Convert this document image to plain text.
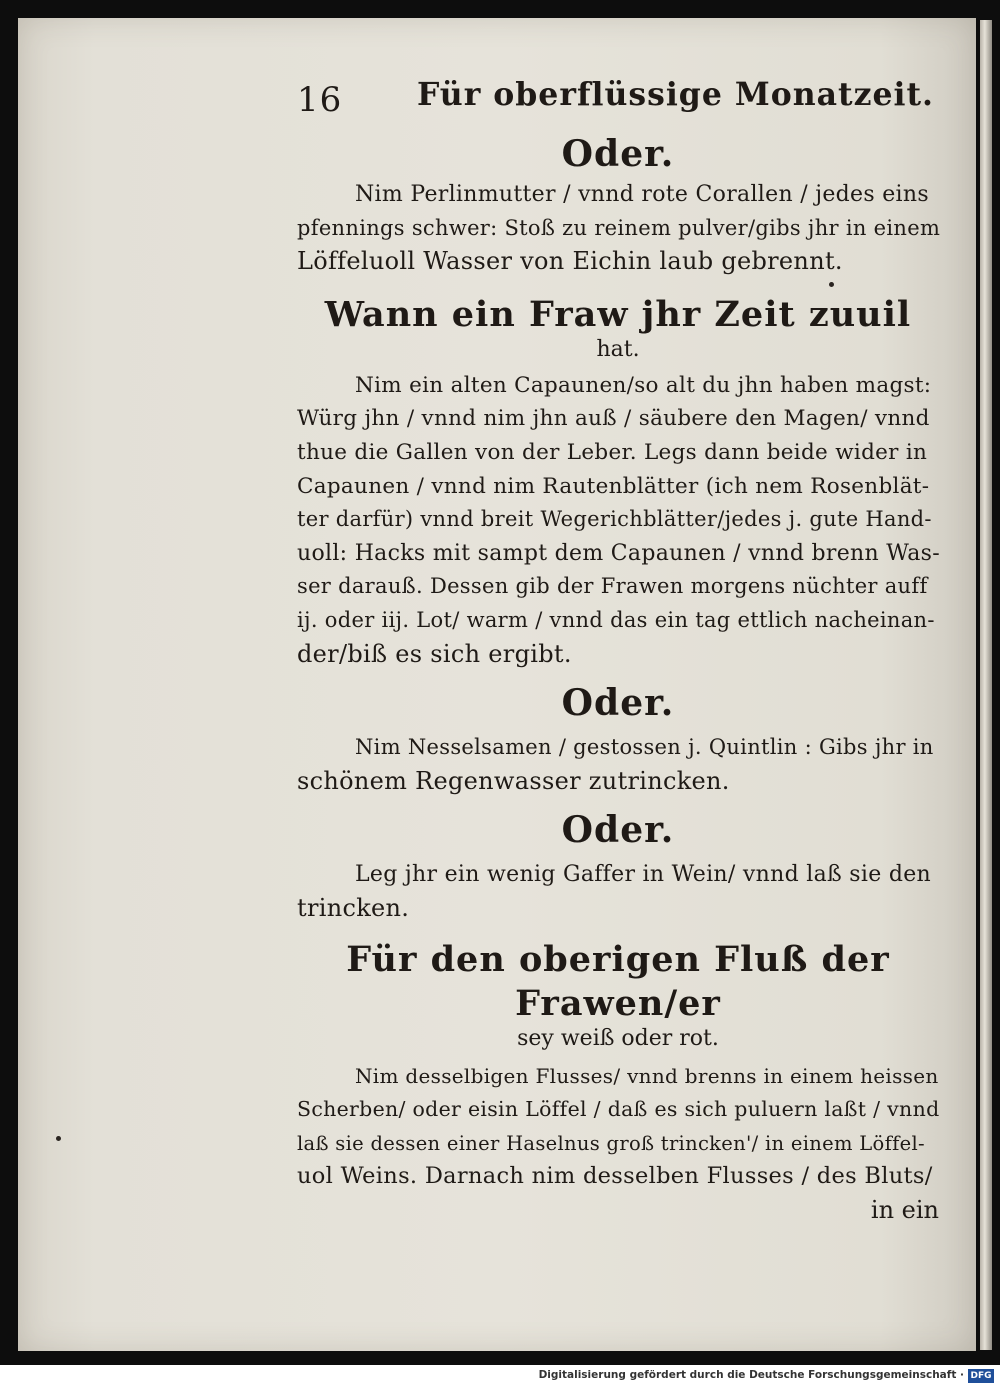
16 Für oberflüssige Monatzeit.

Oder.

Nim Perlinmutter / vnnd rote Corallen / jedes eins
pfennings schwer: Stoß zu reinem pulver/gibs jhr in einem
Löffeluoll Wasser von Eichin laub gebrennt.

Wann ein Fraw jhr Zeit zuuil

hat.

Nim ein alten Capaunen/so alt du jhn haben magst:
Würg jhn / vnnd nim jhn auß / säubere den Magen/ vnnd
thue die Gallen von der Leber. Legs dann beide wider in
Capaunen / vnnd nim Rautenblätter (ich nem Rosenblät-
ter darfür) vnnd breit Wegerichblätter/jedes j. gute Hand-
uoll: Hacks mit sampt dem Capaunen / vnnd brenn Was-
ser darauß. Dessen gib der Frawen morgens nüchter auff
ij. oder iij. Lot/ warm / vnnd das ein tag ettlich nacheinan-
der/biß es sich ergibt.

Oder.

Nim Nesselsamen / gestossen j. Quintlin : Gibs jhr in
schönem Regenwasser zutrincken.

Oder.

Leg jhr ein wenig Gaffer in Wein/ vnnd laß sie den
trincken.

Für den oberigen Fluß der Frawen/er

sey weiß oder rot.

Nim desselbigen Flusses/ vnnd brenns in einem heissen
Scherben/ oder eisin Löffel / daß es sich puluern laßt / vnnd
laß sie dessen einer Haselnus groß trincken'/ in einem Löffel-
uol Weins. Darnach nim desselben Flusses / des Bluts/

in ein

Digitalisierung gefördert durch die Deutsche Forschungsgemeinschaft · DFG
